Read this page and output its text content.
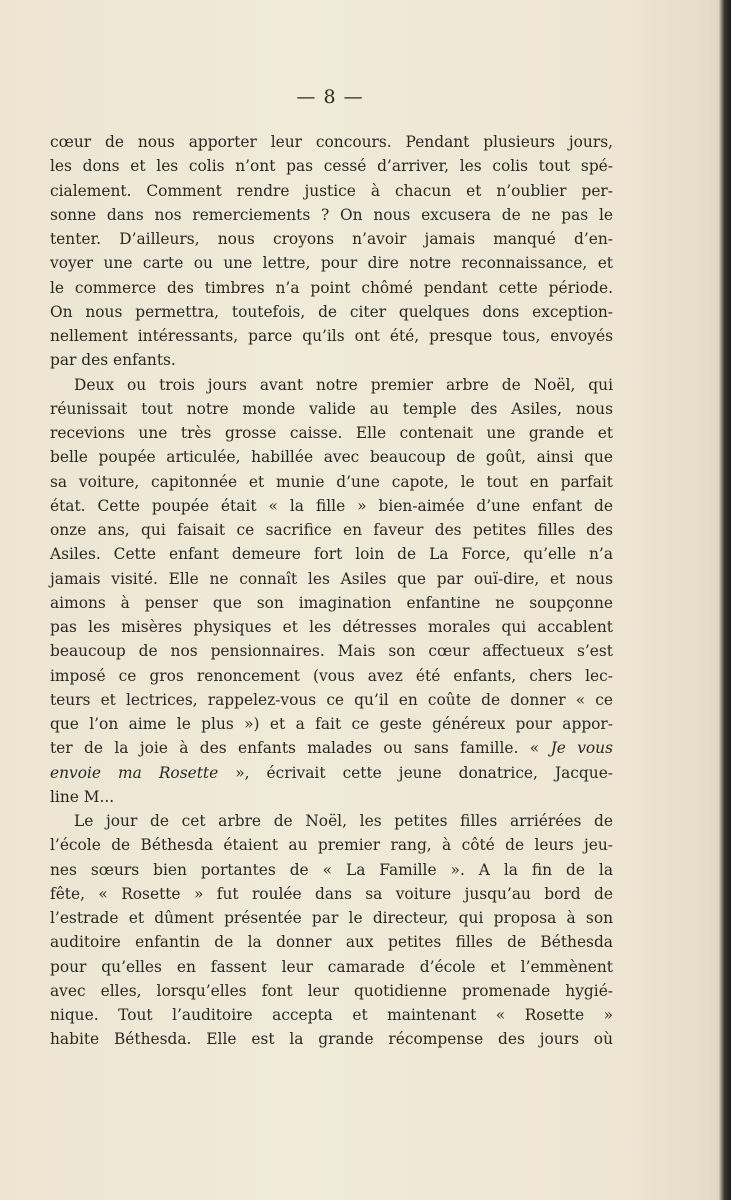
— 8 —
cœur de nous apporter leur concours. Pendant plusieurs jours,
les dons et les colis n’ont pas cessé d’arriver, les colis tout spé-
cialement. Comment rendre justice à chacun et n’oublier per-
sonne dans nos remerciements ? On nous excusera de ne pas le
tenter. D’ailleurs, nous croyons n’avoir jamais manqué d’en-
voyer une carte ou une lettre, pour dire notre reconnaissance, et
le commerce des timbres n’a point chômé pendant cette période.
On nous permettra, toutefois, de citer quelques dons exception-
nellement intéressants, parce qu’ils ont été, presque tous, envoyés
par des enfants.
Deux ou trois jours avant notre premier arbre de Noël, qui
réunissait tout notre monde valide au temple des Asiles, nous
recevions une très grosse caisse. Elle contenait une grande et
belle poupée articulée, habillée avec beaucoup de goût, ainsi que
sa voiture, capitonnée et munie d’une capote, le tout en parfait
état. Cette poupée était « la fille » bien-aimée d’une enfant de
onze ans, qui faisait ce sacrifice en faveur des petites filles des
Asiles. Cette enfant demeure fort loin de La Force, qu’elle n’a
jamais visité. Elle ne connaît les Asiles que par ouï-dire, et nous
aimons à penser que son imagination enfantine ne soupçonne
pas les misères physiques et les détresses morales qui accablent
beaucoup de nos pensionnaires. Mais son cœur affectueux s’est
imposé ce gros renoncement (vous avez été enfants, chers lec-
teurs et lectrices, rappelez-vous ce qu’il en coûte de donner « ce
que l’on aime le plus ») et a fait ce geste généreux pour appor-
ter de la joie à des enfants malades ou sans famille. « Je vous
envoie ma Rosette », écrivait cette jeune donatrice, Jacque-
line M...
Le jour de cet arbre de Noël, les petites filles arriérées de
l’école de Béthesda étaient au premier rang, à côté de leurs jeu-
nes sœurs bien portantes de « La Famille ». A la fin de la
fête, « Rosette » fut roulée dans sa voiture jusqu’au bord de
l’estrade et dûment présentée par le directeur, qui proposa à son
auditoire enfantin de la donner aux petites filles de Béthesda
pour qu’elles en fassent leur camarade d’école et l’emmènent
avec elles, lorsqu’elles font leur quotidienne promenade hygié-
nique. Tout l’auditoire accepta et maintenant « Rosette »
habite Béthesda. Elle est la grande récompense des jours où
